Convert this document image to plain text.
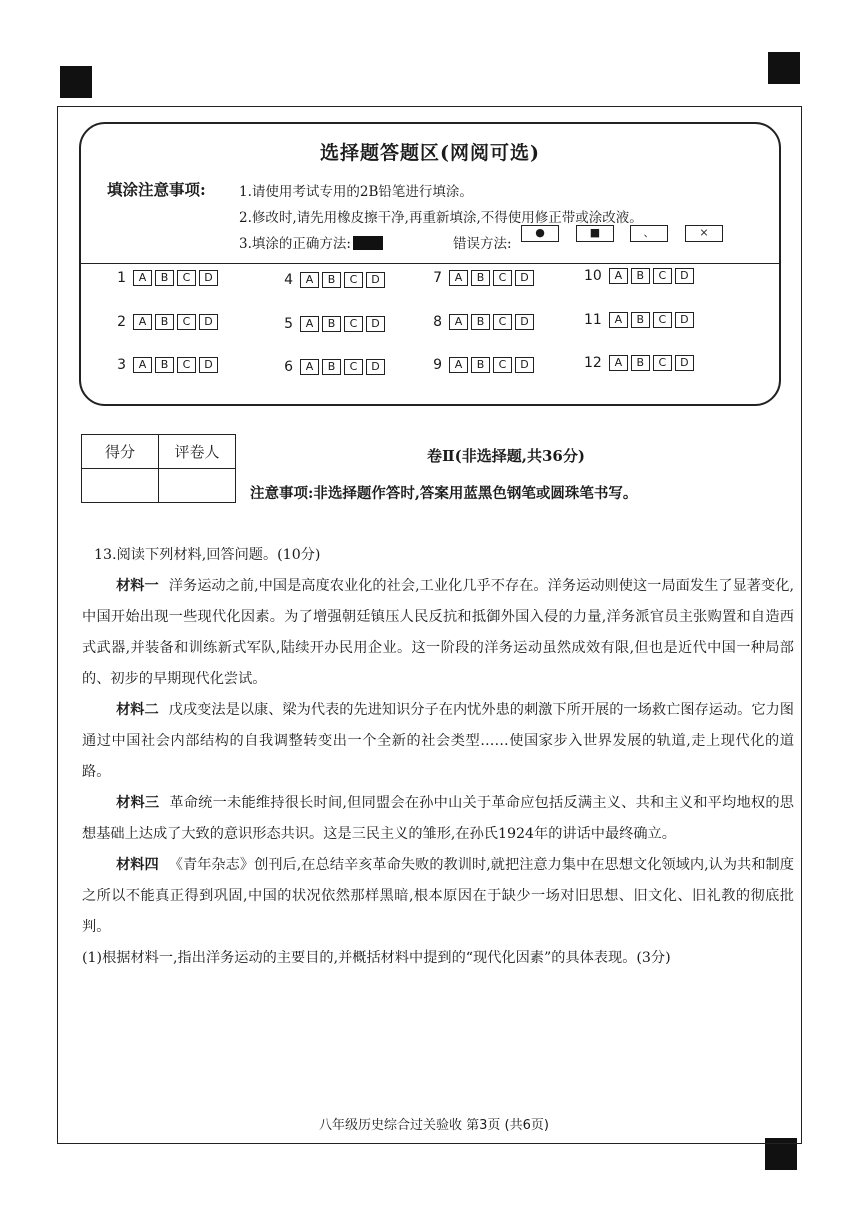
选择题答题区(网阅可选)
填涂注意事项: 1.请使用考试专用的2B铅笔进行填涂。
2.修改时,请先用橡皮擦干净,再重新填涂,不得使用修正带或涂改液。
3.填涂的正确方法:	错误方法:
●	■	、	×
1	A	B	C	D
2	A	B	C	D
3	A	B	C	D
4	A	B	C	D
5	A	B	C	D
6	A	B	C	D
7	A	B	C	D
8	A	B	C	D
9	A	B	C	D
10	A	B	C	D
11	A	B	C	D
12	A	B	C	D
得分	评卷人
		卷Ⅱ(非选择题,共36分)
注意事项:非选择题作答时,答案用蓝黑色钢笔或圆珠笔书写。

13.阅读下列材料,回答问题。(10分)

材料一 洋务运动之前,中国是高度农业化的社会,工业化几乎不存在。洋务运动则使这一局面发生了显著变化,中国开始出现一些现代化因素。为了增强朝廷镇压人民反抗和抵御外国入侵的力量,洋务派官员主张购置和自造西式武器,并装备和训练新式军队,陆续开办民用企业。这一阶段的洋务运动虽然成效有限,但也是近代中国一种局部的、初步的早期现代化尝试。

材料二 戊戌变法是以康、梁为代表的先进知识分子在内忧外患的刺激下所开展的一场救亡图存运动。它力图通过中国社会内部结构的自我调整转变出一个全新的社会类型……使国家步入世界发展的轨道,走上现代化的道路。

材料三 革命统一未能维持很长时间,但同盟会在孙中山关于革命应包括反满主义、共和主义和平均地权的思想基础上达成了大致的意识形态共识。这是三民主义的雏形,在孙氏1924年的讲话中最终确立。

材料四 《青年杂志》创刊后,在总结辛亥革命失败的教训时,就把注意力集中在思想文化领域内,认为共和制度之所以不能真正得到巩固,中国的状况依然那样黑暗,根本原因在于缺少一场对旧思想、旧文化、旧礼教的彻底批判。

(1)根据材料一,指出洋务运动的主要目的,并概括材料中提到的“现代化因素”的具体表现。(3分)

八年级历史综合过关验收 第3页 (共6页)
